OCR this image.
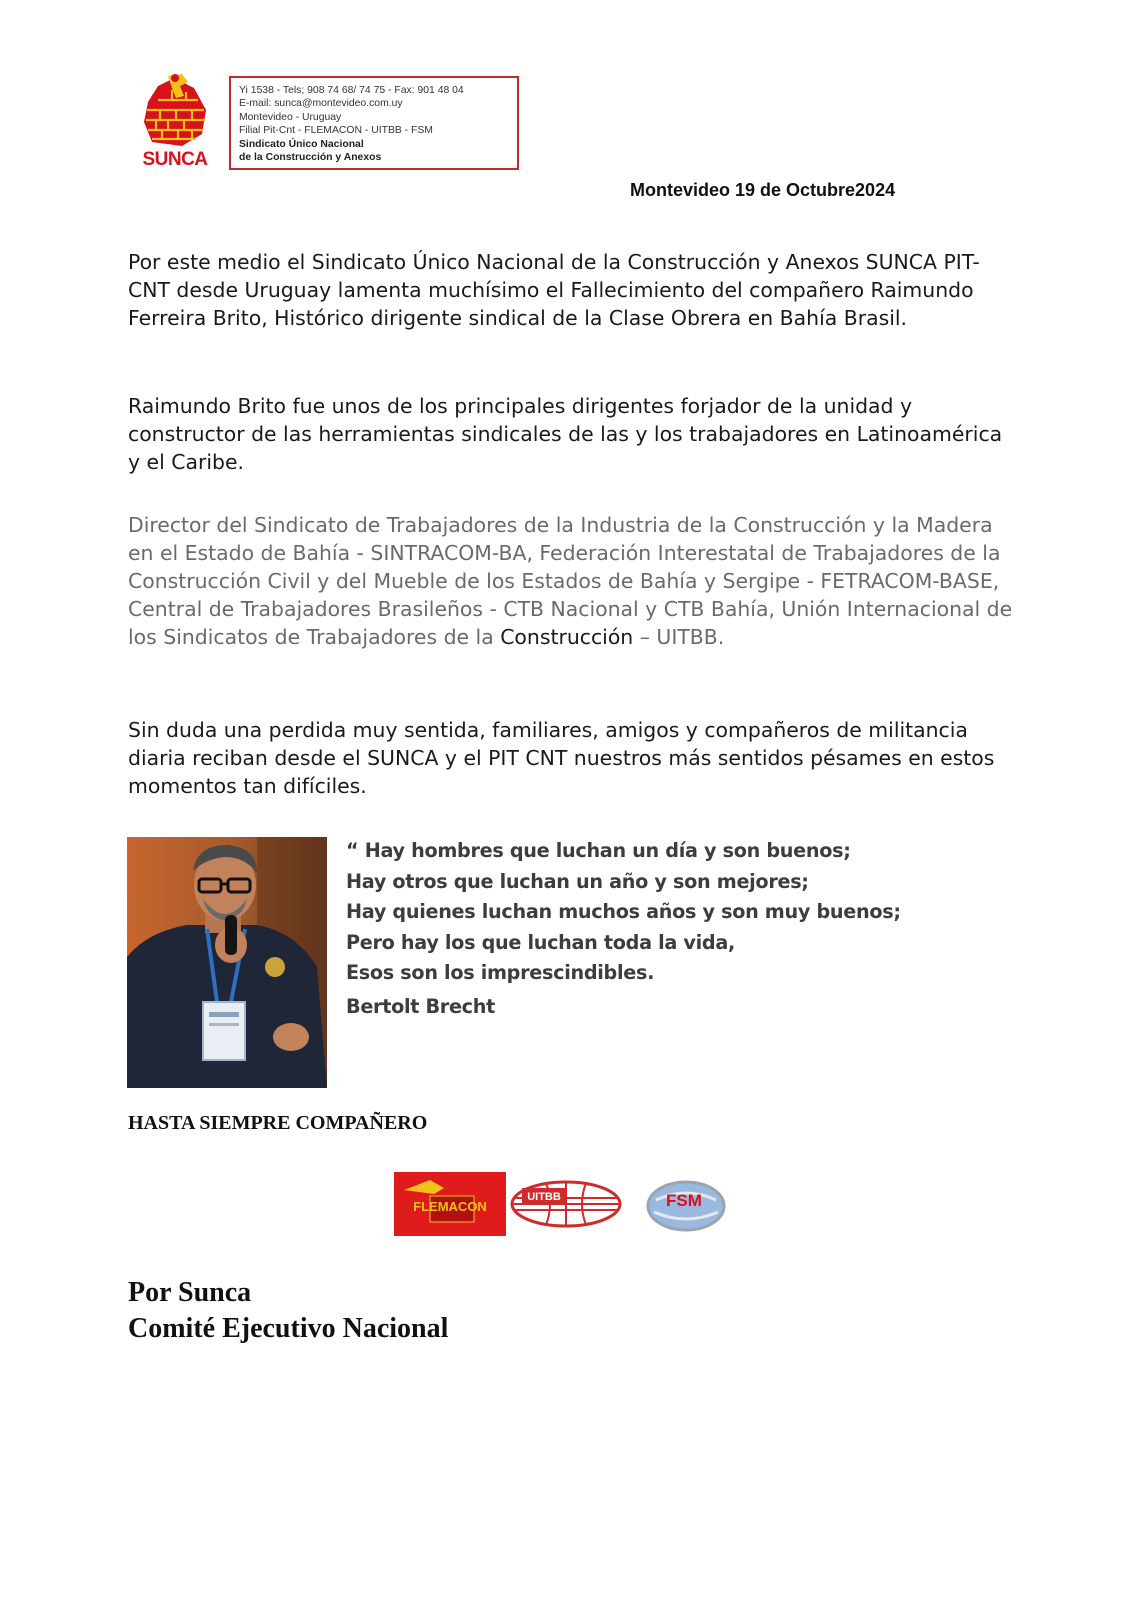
SUNCA
Yi 1538 - Tels; 908 74 68/ 74 75 - Fax: 901 48 04
E-mail: sunca@montevideo.com.uy
Montevideo - Uruguay
Filial Pit-Cnt - FLEMACON - UITBB - FSM
Sindicato Único Nacional
de la Construcción y Anexos
Montevideo 19 de Octubre2024
Por este medio el Sindicato Único Nacional de la Construcción y Anexos SUNCA PIT- CNT desde Uruguay lamenta muchísimo el Fallecimiento del compañero Raimundo Ferreira Brito, Histórico dirigente sindical de la Clase Obrera en Bahía Brasil.
Raimundo Brito fue unos de los principales dirigentes forjador de la unidad y constructor de las herramientas sindicales de las y los trabajadores en Latinoamérica y el Caribe.
Director del Sindicato de Trabajadores de la Industria de la Construcción y la Madera en el Estado de Bahía - SINTRACOM-BA, Federación Interestatal de Trabajadores de la Construcción Civil y del Mueble de los Estados de Bahía y Sergipe - FETRACOM-BASE, Central de Trabajadores Brasileños - CTB Nacional y CTB Bahía, Unión Internacional de los Sindicatos de Trabajadores de la Construcción – UITBB.
Sin duda una perdida muy sentida, familiares, amigos y compañeros de militancia diaria reciban desde el SUNCA y el PIT CNT nuestros más sentidos pésames en estos momentos tan difíciles.
“ Hay hombres que luchan un día y son buenos;
Hay otros que luchan un año y son mejores;
Hay quienes luchan muchos años y son muy buenos;
Pero hay los que luchan toda la vida,
Esos son los imprescindibles.
Bertolt Brecht
HASTA SIEMPRE COMPAÑERO
FLEMACON
UITBB	FSM
Por Sunca
Comité Ejecutivo Nacional
